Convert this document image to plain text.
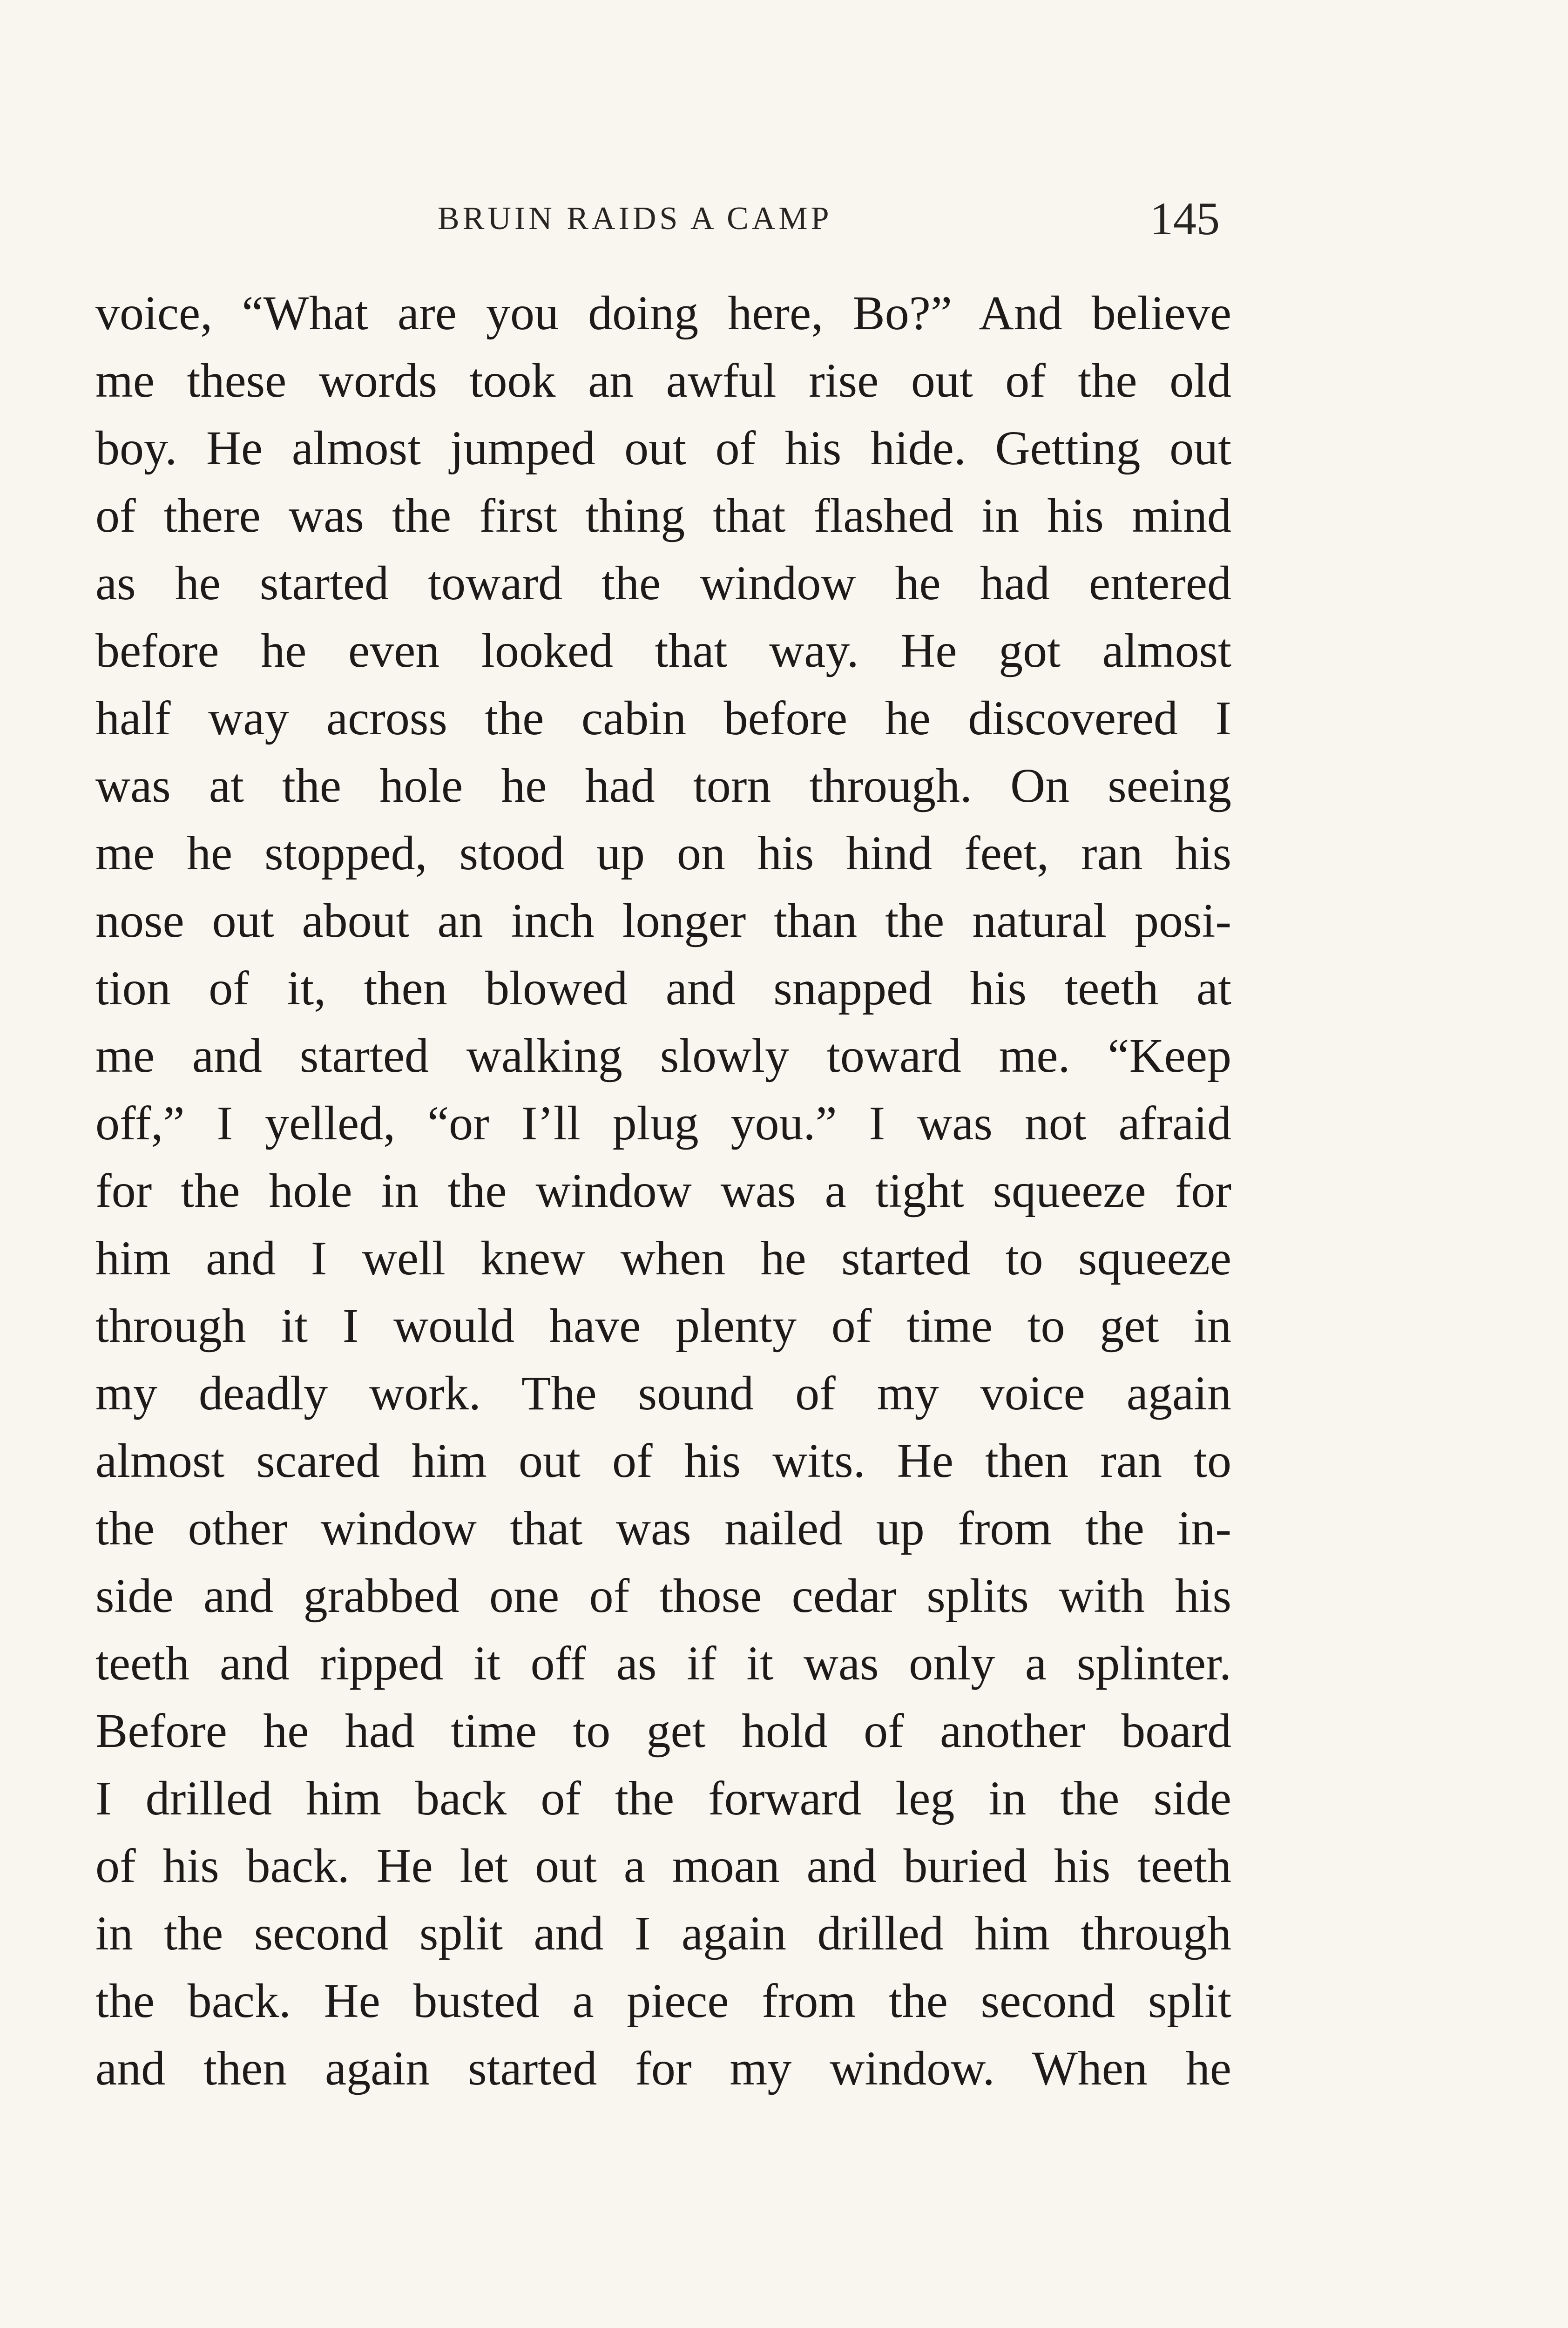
BRUIN RAIDS A CAMP	145
voice, “What are you doing here, Bo?” And believe
me these words took an awful rise out of the old
boy. He almost jumped out of his hide. Getting out
of there was the first thing that flashed in his mind
as he started toward the window he had entered
before he even looked that way. He got almost
half way across the cabin before he discovered I
was at the hole he had torn through. On seeing
me he stopped, stood up on his hind feet, ran his
nose out about an inch longer than the natural posi-
tion of it, then blowed and snapped his teeth at
me and started walking slowly toward me. “Keep
off,” I yelled, “or I’ll plug you.” I was not afraid
for the hole in the window was a tight squeeze for
him and I well knew when he started to squeeze
through it I would have plenty of time to get in
my deadly work. The sound of my voice again
almost scared him out of his wits. He then ran to
the other window that was nailed up from the in-
side and grabbed one of those cedar splits with his
teeth and ripped it off as if it was only a splinter.
Before he had time to get hold of another board
I drilled him back of the forward leg in the side
of his back. He let out a moan and buried his teeth
in the second split and I again drilled him through
the back. He busted a piece from the second split
and then again started for my window. When he
